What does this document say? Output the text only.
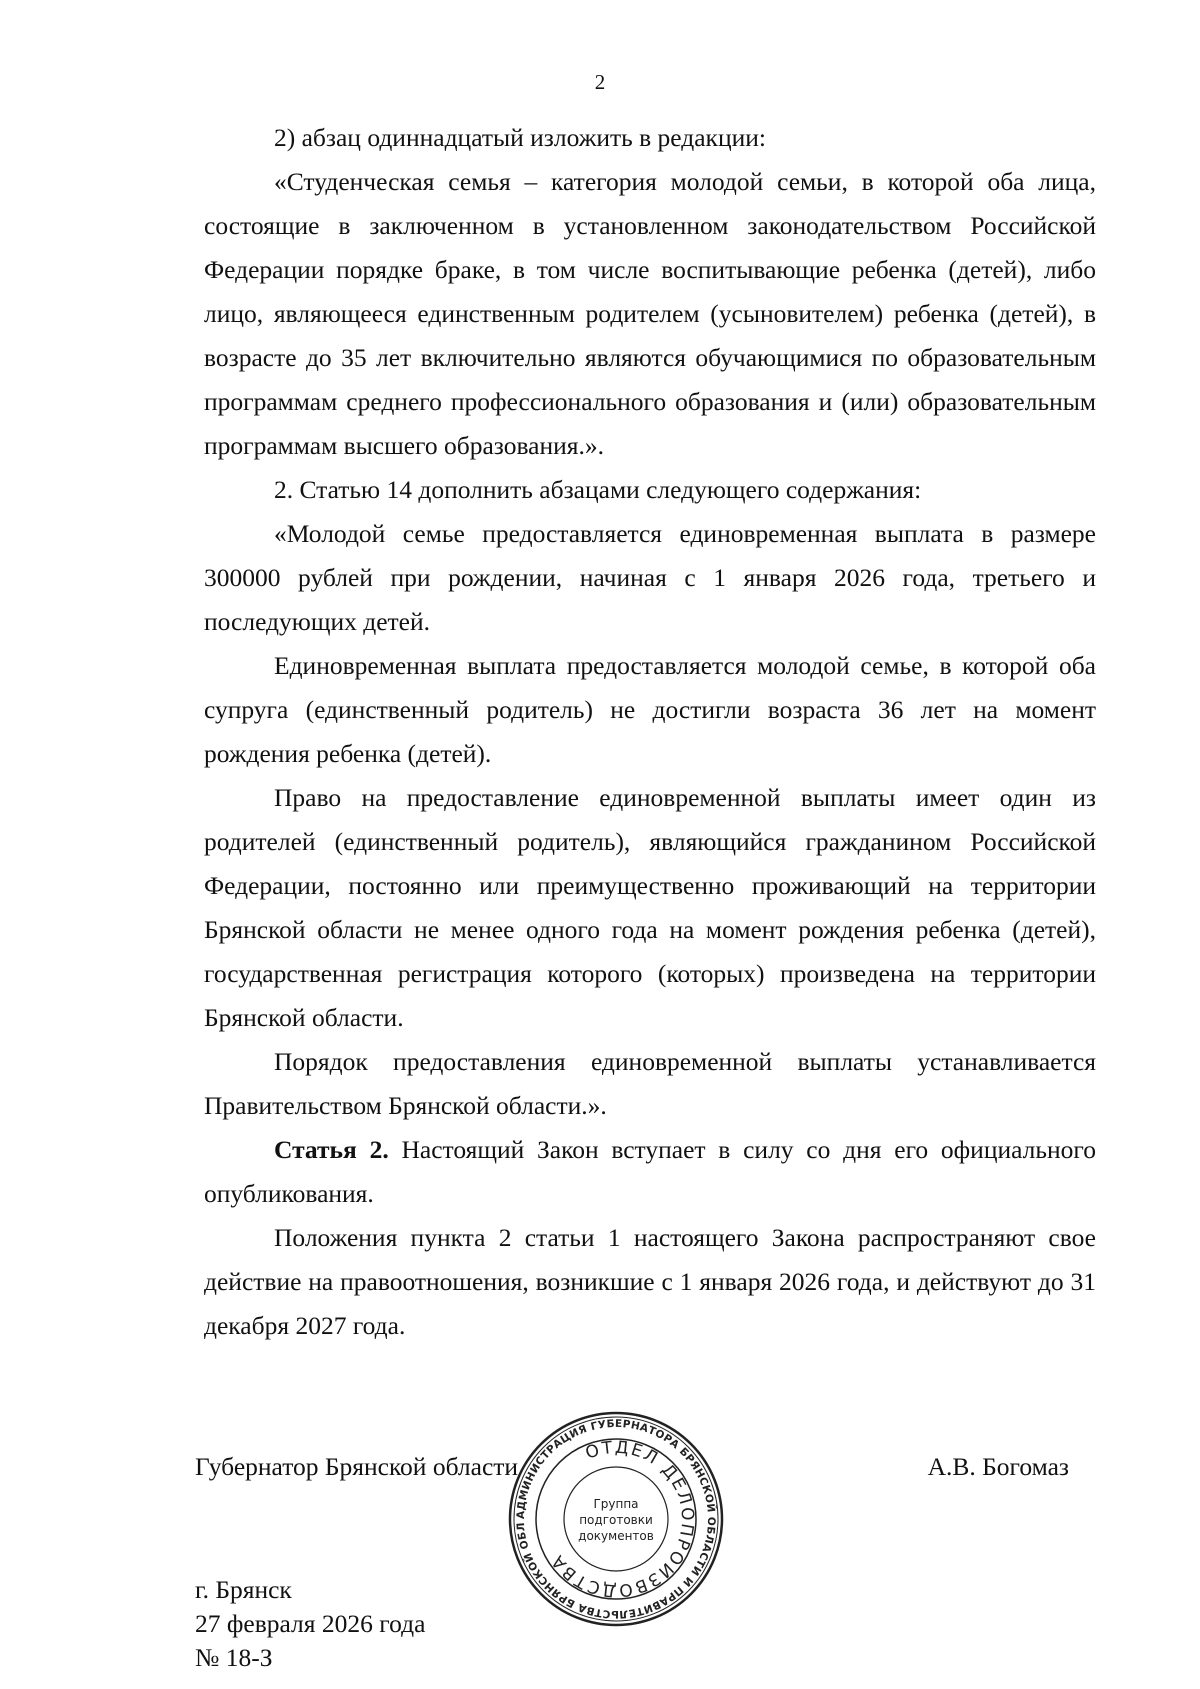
2

2) абзац одиннадцатый изложить в редакции:

«Студенческая семья – категория молодой семьи, в которой оба лица, состоящие в заключенном в установленном законодательством Российской Федерации порядке браке, в том числе воспитывающие ребенка (детей), либо лицо, являющееся единственным родителем (усыновителем) ребенка (детей), в возрасте до 35 лет включительно являются обучающимися по образовательным программам среднего профессионального образования и (или) образовательным программам высшего образования.».

2. Статью 14 дополнить абзацами следующего содержания:

«Молодой семье предоставляется единовременная выплата в размере 300000 рублей при рождении, начиная с 1 января 2026 года, третьего и последующих детей.

Единовременная выплата предоставляется молодой семье, в которой оба супруга (единственный родитель) не достигли возраста 36 лет на момент рождения ребенка (детей).

Право на предоставление единовременной выплаты имеет один из родителей (единственный родитель), являющийся гражданином Российской Федерации, постоянно или преимущественно проживающий на территории Брянской области не менее одного года на момент рождения ребенка (детей), государственная регистрация которого (которых) произведена на территории Брянской области.

Порядок предоставления единовременной выплаты устанавливается Правительством Брянской области.».

Статья 2. Настоящий Закон вступает в силу со дня его официального опубликования.

Положения пункта 2 статьи 1 настоящего Закона распространяют свое действие на правоотношения, возникшие с 1 января 2026 года, и действуют до 31 декабря 2027 года.

Губернатор Брянской области	А.В. Богомаз
АДМИНИСТРАЦИЯ ГУБЕРНАТОРА БРЯНСКОЙ ОБЛАСТИ И ПРАВИТЕЛЬСТВА БРЯНСКОЙ ОБЛ
ОТДЕЛ ДЕЛОПРОИЗВОДСТВА
Группа
подготовки
документов
г. Брянск
27 февраля 2026 года
№ 18-З
